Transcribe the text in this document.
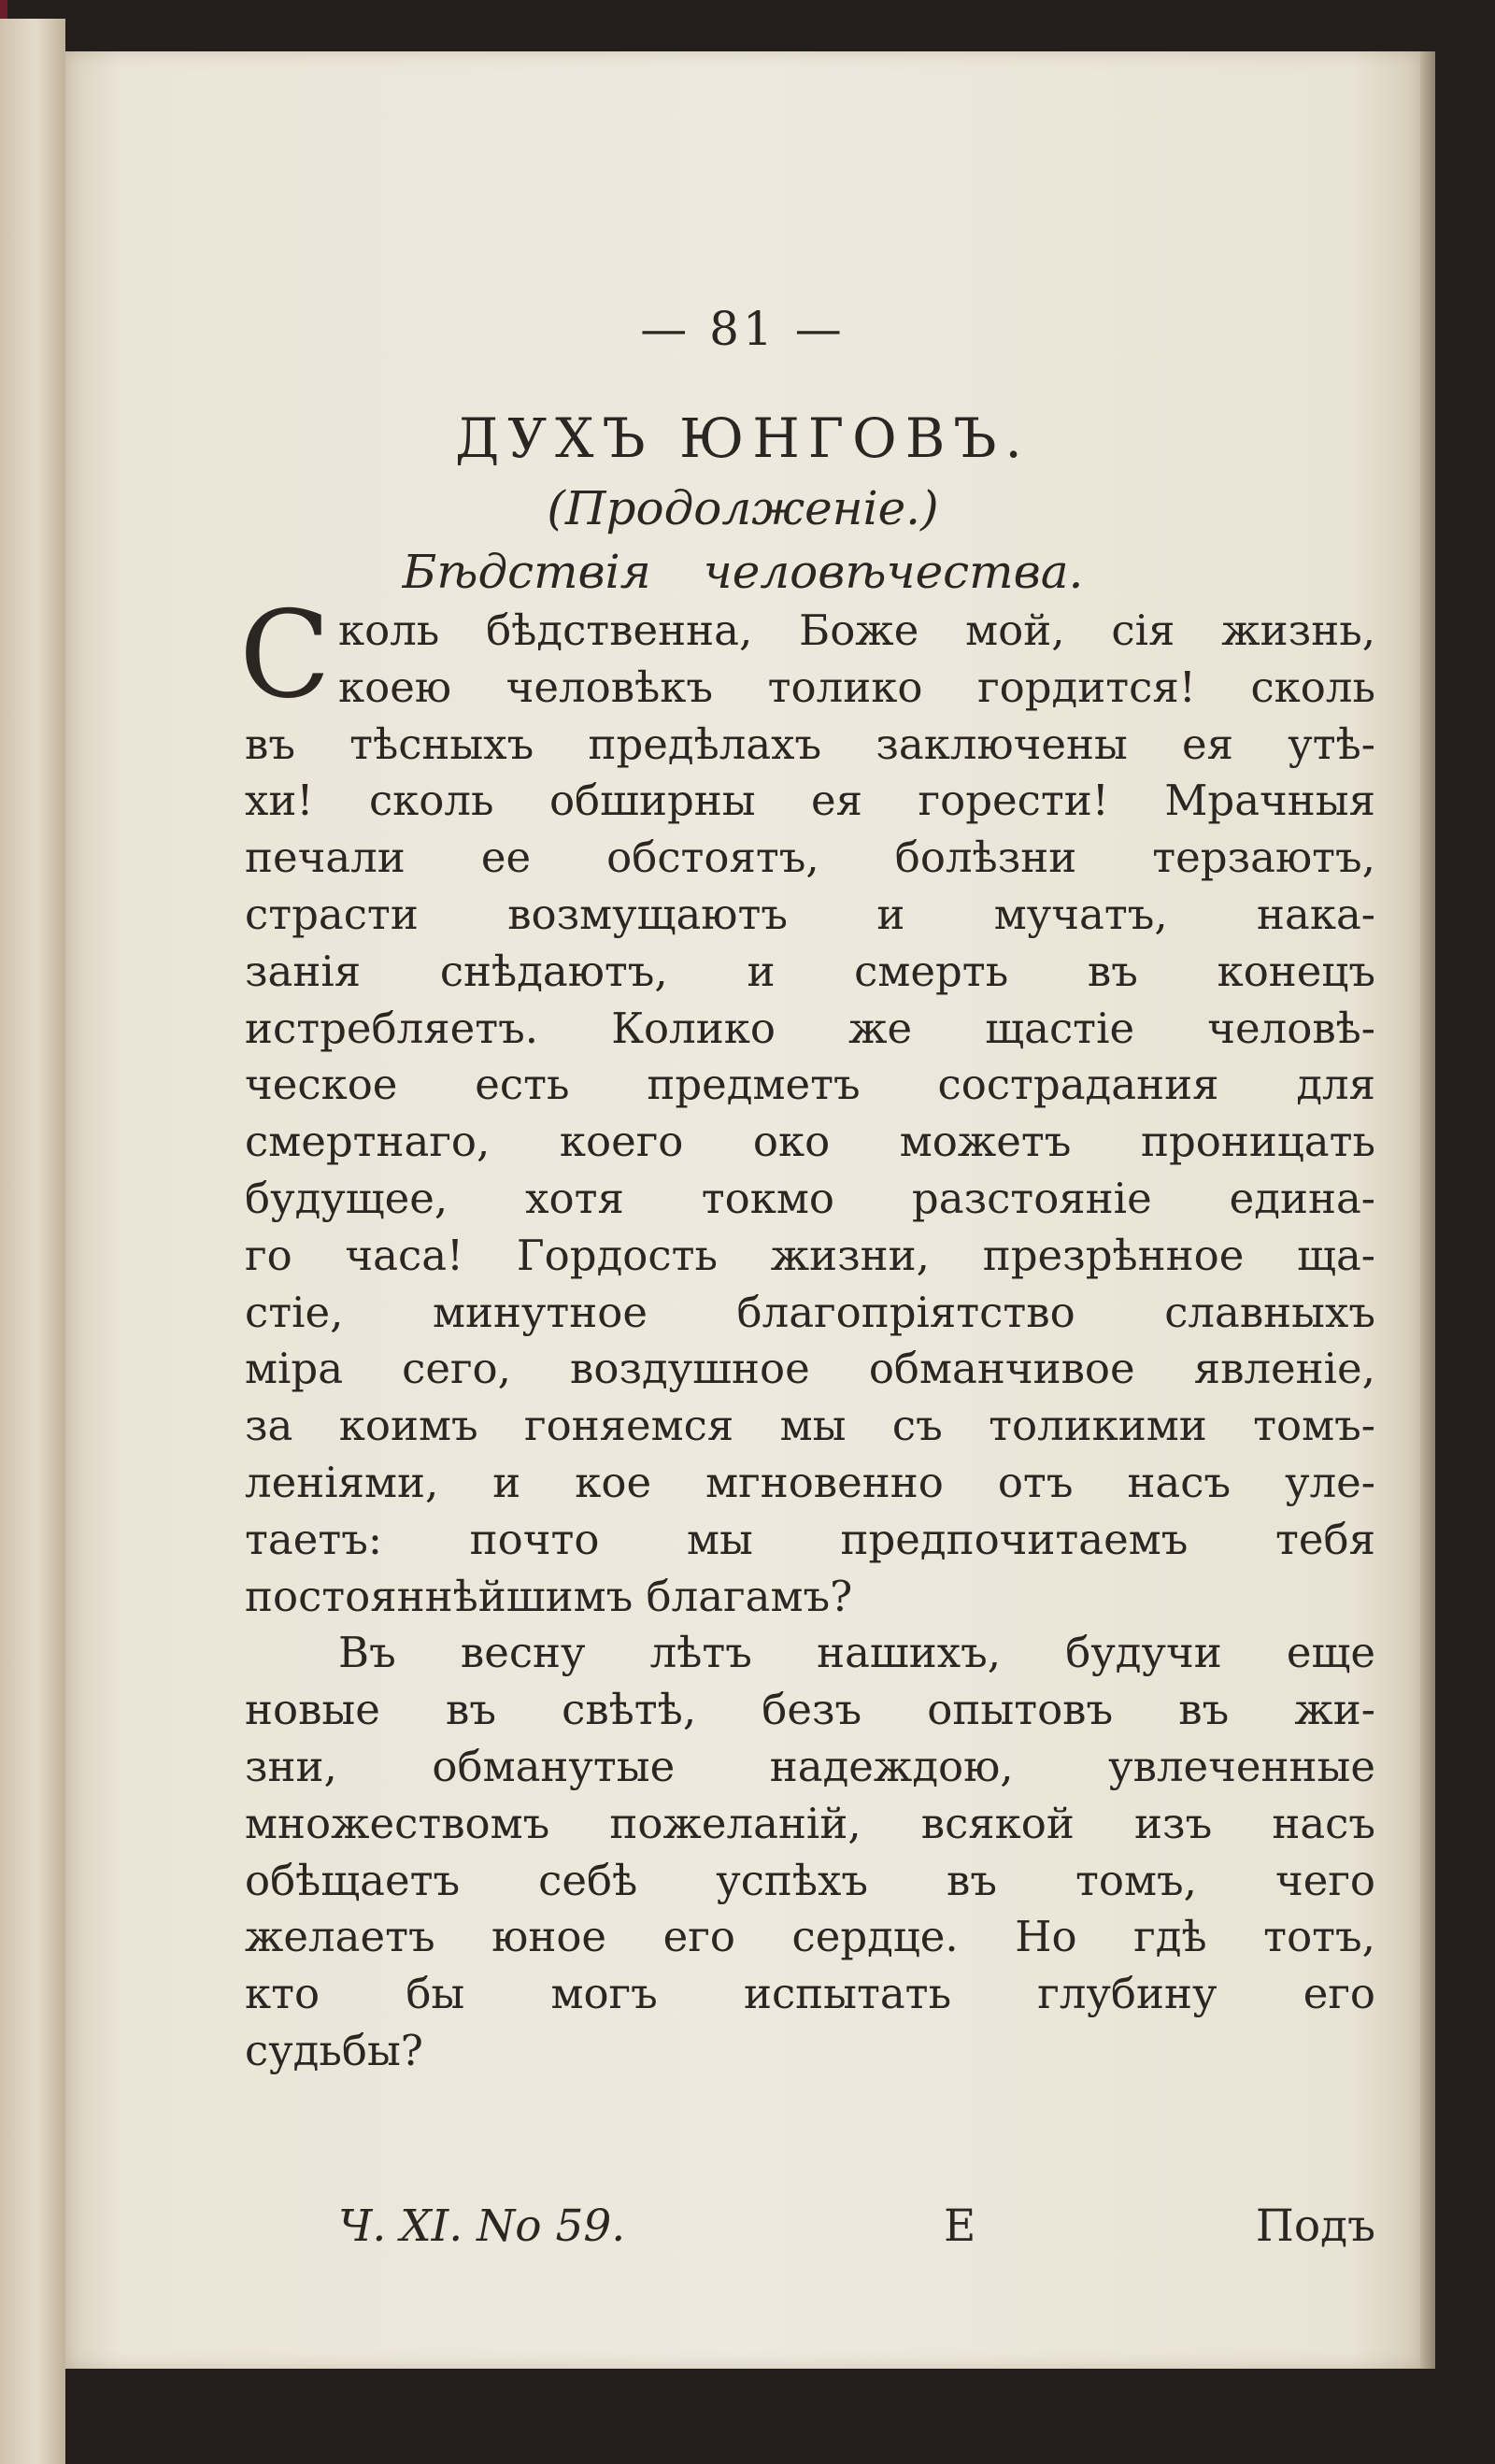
— 81 —
ДУХЪ ЮНГОВЪ.
(Продолженіе.)
Бѣдствія человѣчества.
С коль бѣдственна, Боже мой, сія жизнь,
коею человѣкъ толико гордится! сколь
въ тѣсныхъ предѣлахъ заключены ея утѣ-
хи! сколь обширны ея горести! Мрачныя
печали ее обстоятъ, болѣзни терзаютъ,
страсти возмущаютъ и мучатъ, нака-
занія снѣдаютъ, и смерть въ конецъ
истребляетъ. Колико же щастіе человѣ-
ческое есть предметъ сострадания для
смертнаго, коего око можетъ проницать
будущее, хотя токмо разстояніе едина-
го часа! Гордость жизни, презрѣнное ща-
стіе, минутное благопріятство славныхъ
міра сего, воздушное обманчивое явленіе,
за коимъ гоняемся мы съ толикими томъ-
леніями, и кое мгновенно отъ насъ уле-
таетъ: почто мы предпочитаемъ тебя
постояннѣйшимъ благамъ?
Въ весну лѣтъ нашихъ, будучи еще
новые въ свѣтѣ, безъ опытовъ въ жи-
зни, обманутые надеждою, увлеченные
множествомъ пожеланій, всякой изъ насъ
обѣщаетъ себѣ успѣхъ въ томъ, чего
желаетъ юное его сердце. Но гдѣ тотъ,
кто бы могъ испытать глубину его
судьбы?
Ч. XI. No 59.	Е	Подъ
